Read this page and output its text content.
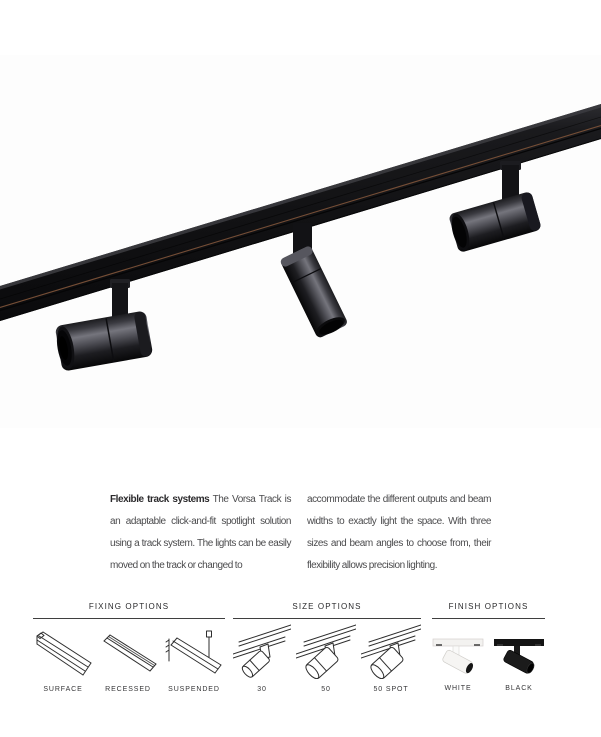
Flexible track systems The Vorsa Track is an adaptable click-and-fit spotlight solution using a track system. The lights can be easily moved on the track or changed to
accommodate the different outputs and beam widths to exactly light the space. With three sizes and beam angles to choose from, their flexibility allows precision lighting.
FIXING OPTIONS
SURFACE	RECESSED SUSPENDED
SIZE OPTIONS
30	50	50 SPOT
FINISH OPTIONS
WHITE	BLACK
